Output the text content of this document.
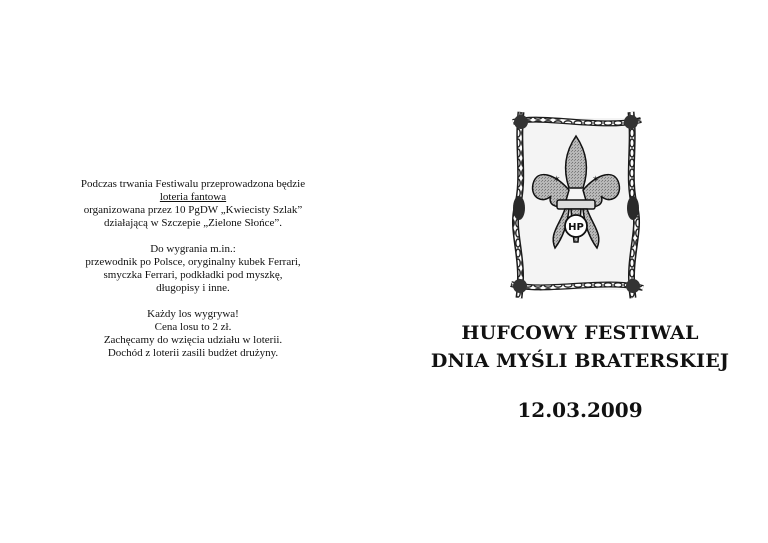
Podczas trwania Festiwalu przeprowadzona będzie
loteria fantowa
organizowana przez 10 PgDW „Kwiecisty Szlak”
działającą w Szczepie „Zielone Słońce”.

Do wygrania m.in.:
przewodnik po Polsce, oryginalny kubek Ferrari,
smyczka Ferrari, podkładki pod myszkę,
długopisy i inne.

Każdy los wygrywa!
Cena losu to 2 zł.
Zachęcamy do wzięcia udziału w loterii.
Dochód z loterii zasili budżet drużyny.

✶	✶
HP
HUFCOWY FESTIWAL
DNIA MYŚLI BRATERSKIEJ
12.03.2009
